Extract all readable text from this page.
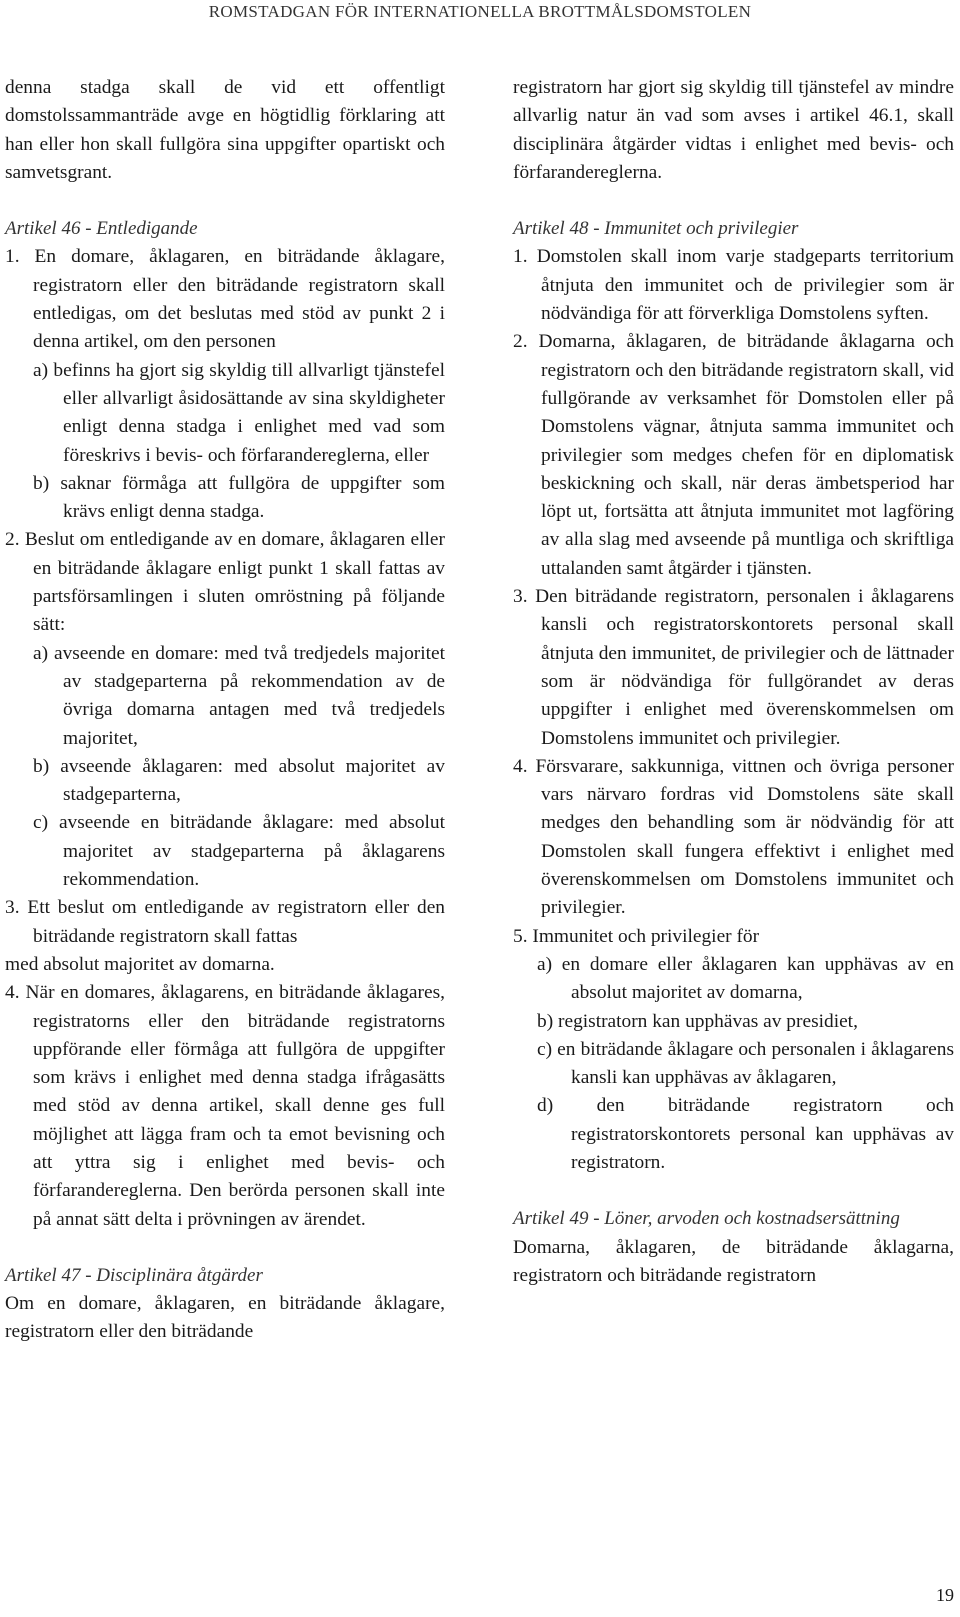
ROMSTADGAN FÖR INTERNATIONELLA BROTTMÅLSDOMSTOLEN

denna stadga skall de vid ett offentligt domstolssammanträde avge en högtidlig förklaring att han eller hon skall fullgöra sina uppgifter opartiskt och samvetsgrant.

Artikel 46 - Entledigande

1. En domare, åklagaren, en biträdande åklagare, registratorn eller den biträdande registratorn skall entledigas, om det beslutas med stöd av punkt 2 i denna artikel, om den personen

a) befinns ha gjort sig skyldig till allvarligt tjänstefel eller allvarligt åsidosättande av sina skyldigheter enligt denna stadga i enlighet med vad som föreskrivs i bevis- och förfarandereglerna, eller

b) saknar förmåga att fullgöra de uppgifter som krävs enligt denna stadga.

2. Beslut om entledigande av en domare, åklagaren eller en biträdande åklagare enligt punkt 1 skall fattas av partsförsamlingen i sluten omröstning på följande sätt:

a) avseende en domare: med två tredjedels majoritet av stadgeparterna på rekommendation av de övriga domarna antagen med två tredjedels majoritet,

b) avseende åklagaren: med absolut majoritet av stadgeparterna,

c) avseende en biträdande åklagare: med absolut majoritet av stadgeparterna på åklagarens rekommendation.

3. Ett beslut om entledigande av registratorn eller den biträdande registratorn skall fattas

med absolut majoritet av domarna.

4. När en domares, åklagarens, en biträdande åklagares, registratorns eller den biträdande registratorns uppförande eller förmåga att fullgöra de uppgifter som krävs i enlighet med denna stadga ifrågasätts med stöd av denna artikel, skall denne ges full möjlighet att lägga fram och ta emot bevisning och att yttra sig i enlighet med bevis- och förfarandereglerna. Den berörda personen skall inte på annat sätt delta i prövningen av ärendet.

Artikel 47 - Disciplinära åtgärder

Om en domare, åklagaren, en biträdande åklagare, registratorn eller den biträdande

registratorn har gjort sig skyldig till tjänstefel av mindre allvarlig natur än vad som avses i artikel 46.1, skall disciplinära åtgärder vidtas i enlighet med bevis- och förfarandereglerna.

Artikel 48 - Immunitet och privilegier

1. Domstolen skall inom varje stadgeparts territorium åtnjuta den immunitet och de privilegier som är nödvändiga för att förverkliga Domstolens syften.

2. Domarna, åklagaren, de biträdande åklagarna och registratorn och den biträdande registratorn skall, vid fullgörande av verksamhet för Domstolen eller på Domstolens vägnar, åtnjuta samma immunitet och privilegier som medges chefen för en diplomatisk beskickning och skall, när deras ämbetsperiod har löpt ut, fortsätta att åtnjuta immunitet mot lagföring av alla slag med avseende på muntliga och skriftliga uttalanden samt åtgärder i tjänsten.

3. Den biträdande registratorn, personalen i åklagarens kansli och registratorskontorets personal skall åtnjuta den immunitet, de privilegier och de lättnader som är nödvändiga för fullgörandet av deras uppgifter i enlighet med överenskommelsen om Domstolens immunitet och privilegier.

4. Försvarare, sakkunniga, vittnen och övriga personer vars närvaro fordras vid Domstolens säte skall medges den behandling som är nödvändig för att Domstolen skall fungera effektivt i enlighet med överenskommelsen om Domstolens immunitet och privilegier.

5. Immunitet och privilegier för

a) en domare eller åklagaren kan upphävas av en absolut majoritet av domarna,

b) registratorn kan upphävas av presidiet,

c) en biträdande åklagare och personalen i åklagarens kansli kan upphävas av åklagaren,

d) den biträdande registratorn och registratorskontorets personal kan upphävas av registratorn.

Artikel 49 - Löner, arvoden och kostnadsersättning

Domarna, åklagaren, de biträdande åklagarna, registratorn och biträdande registratorn

19
